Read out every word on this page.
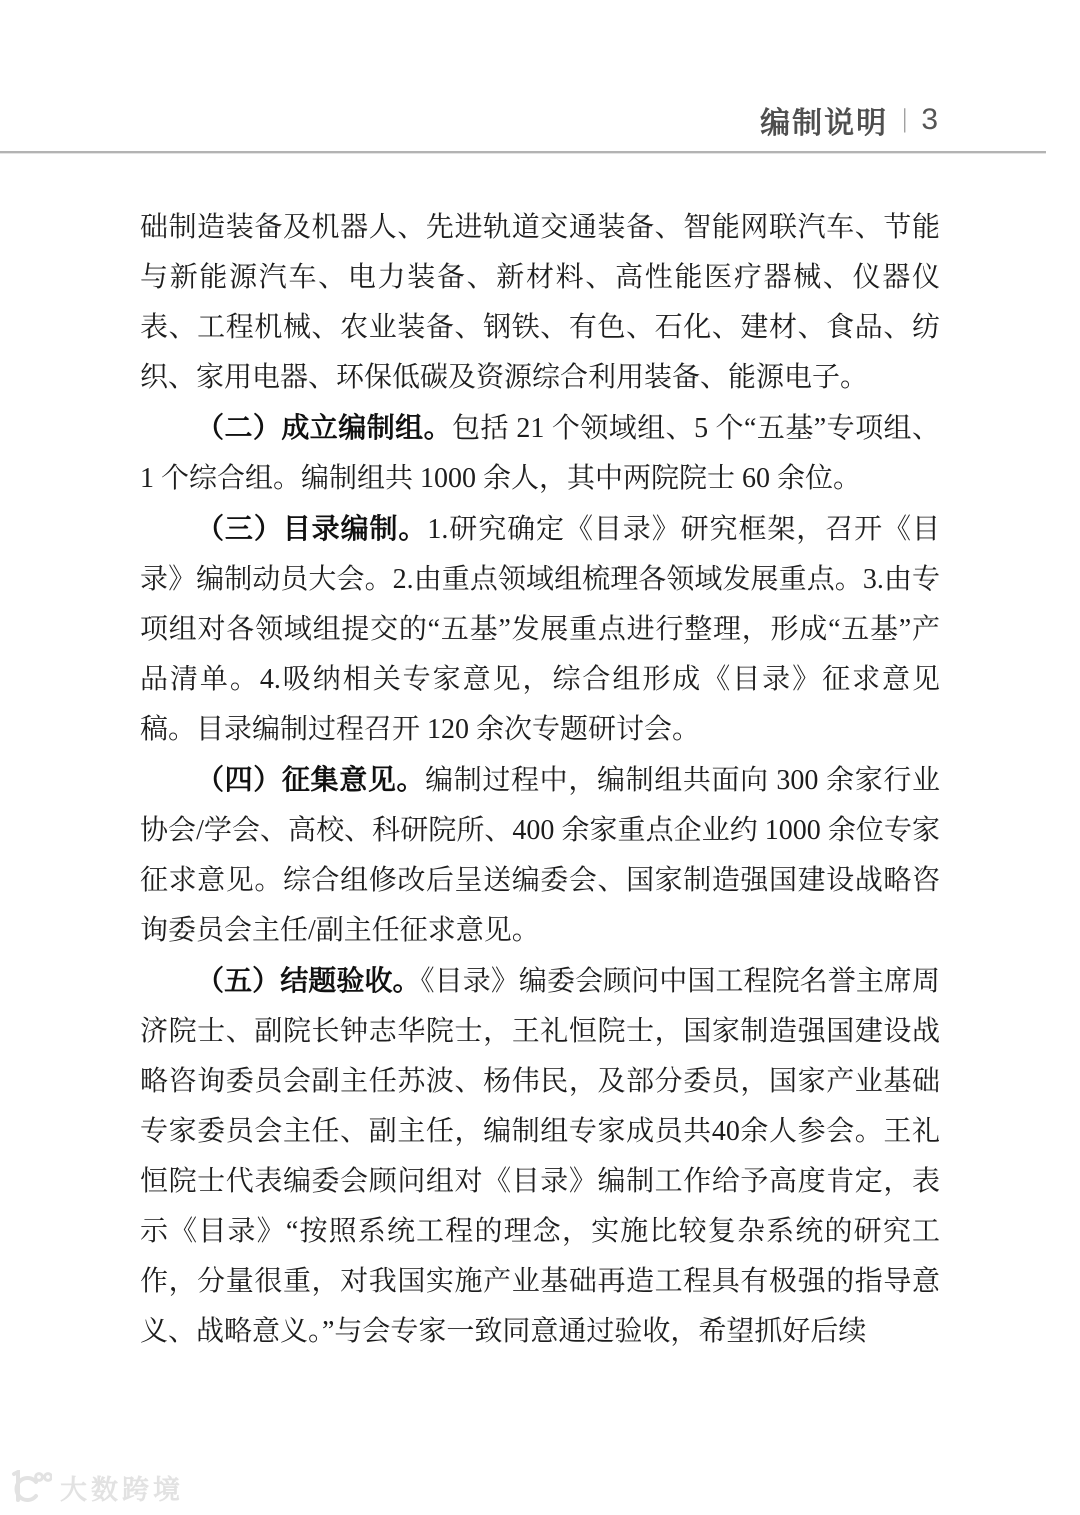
编制说明 | 3

础制造装备及机器人、先进轨道交通装备、智能网联汽车、节能与新能源汽车、电力装备、新材料、高性能医疗器械、仪器仪表、工程机械、农业装备、钢铁、有色、石化、建材、食品、纺织、家用电器、环保低碳及资源综合利用装备、能源电子。

（二）成立编制组。包括 21 个领域组、5 个“五基”专项组、1 个综合组。编制组共 1000 余人，其中两院院士 60 余位。

（三）目录编制。1.研究确定《目录》研究框架，召开《目录》编制动员大会。2.由重点领域组梳理各领域发展重点。3.由专项组对各领域组提交的“五基”发展重点进行整理，形成“五基”产品清单。4.吸纳相关专家意见，综合组形成《目录》征求意见稿。目录编制过程召开 120 余次专题研讨会。

（四）征集意见。编制过程中，编制组共面向 300 余家行业协会/学会、高校、科研院所、400 余家重点企业约 1000 余位专家征求意见。综合组修改后呈送编委会、国家制造强国建设战略咨询委员会主任/副主任征求意见。

（五）结题验收。《目录》编委会顾问中国工程院名誉主席周济院士、副院长钟志华院士，王礼恒院士，国家制造强国建设战略咨询委员会副主任苏波、杨伟民，及部分委员，国家产业基础专家委员会主任、副主任，编制组专家成员共40余人参会。王礼恒院士代表编委会顾问组对《目录》编制工作给予高度肯定，表示《目录》“按照系统工程的理念，实施比较复杂系统的研究工作，分量很重，对我国实施产业基础再造工程具有极强的指导意义、战略意义。”与会专家一致同意通过验收，希望抓好后续

大数跨境
